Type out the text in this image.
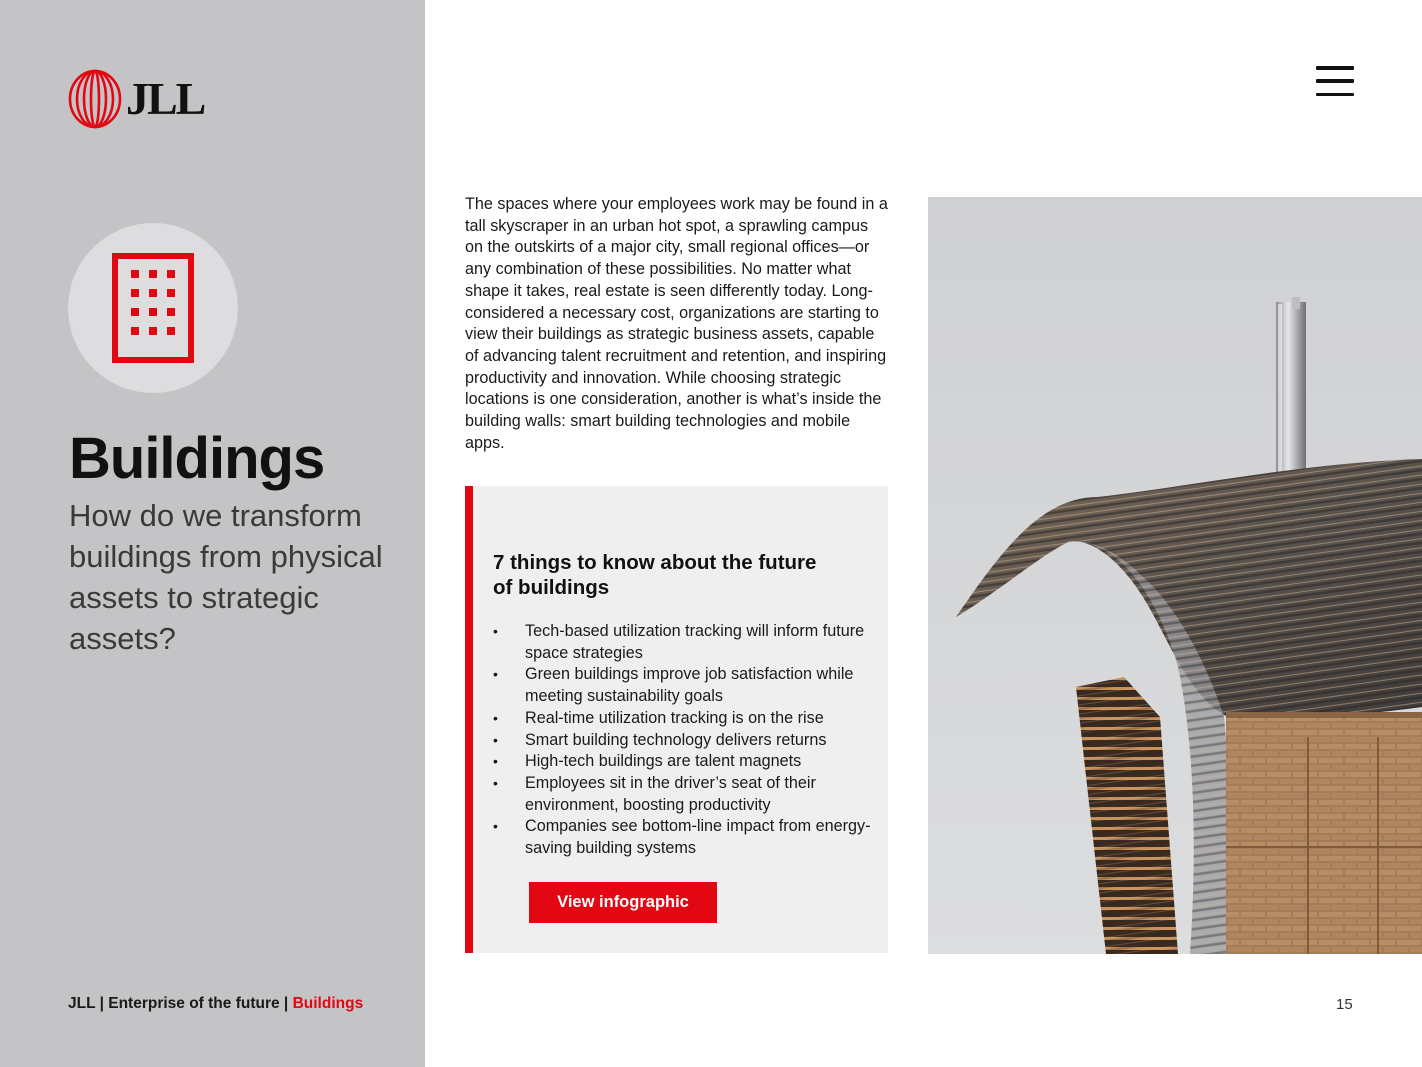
JLL
Buildings
How do we transform buildings from physical assets to strategic assets?
JLL | Enterprise of the future | Buildings

The spaces where your employees work may be found in a tall skyscraper in an urban hot spot, a sprawling campus on the outskirts of a major city, small regional offices—or any combination of these possibilities. No matter what shape it takes, real estate is seen differently today. Long-considered a necessary cost, organizations are starting to view their buildings as strategic business assets, capable of advancing talent recruitment and retention, and inspiring productivity and innovation. While choosing strategic locations is one consideration, another is what’s inside the building walls: smart building technologies and mobile apps.

7 things to know about the future of buildings
• Tech-based utilization tracking will inform future space strategies
• Green buildings improve job satisfaction while meeting sustainability goals
• Real-time utilization tracking is on the rise
• Smart building technology delivers returns
• High-tech buildings are talent magnets
• Employees sit in the driver’s seat of their environment, boosting productivity
• Companies see bottom-line impact from energy-saving building systems
View infographic
15
